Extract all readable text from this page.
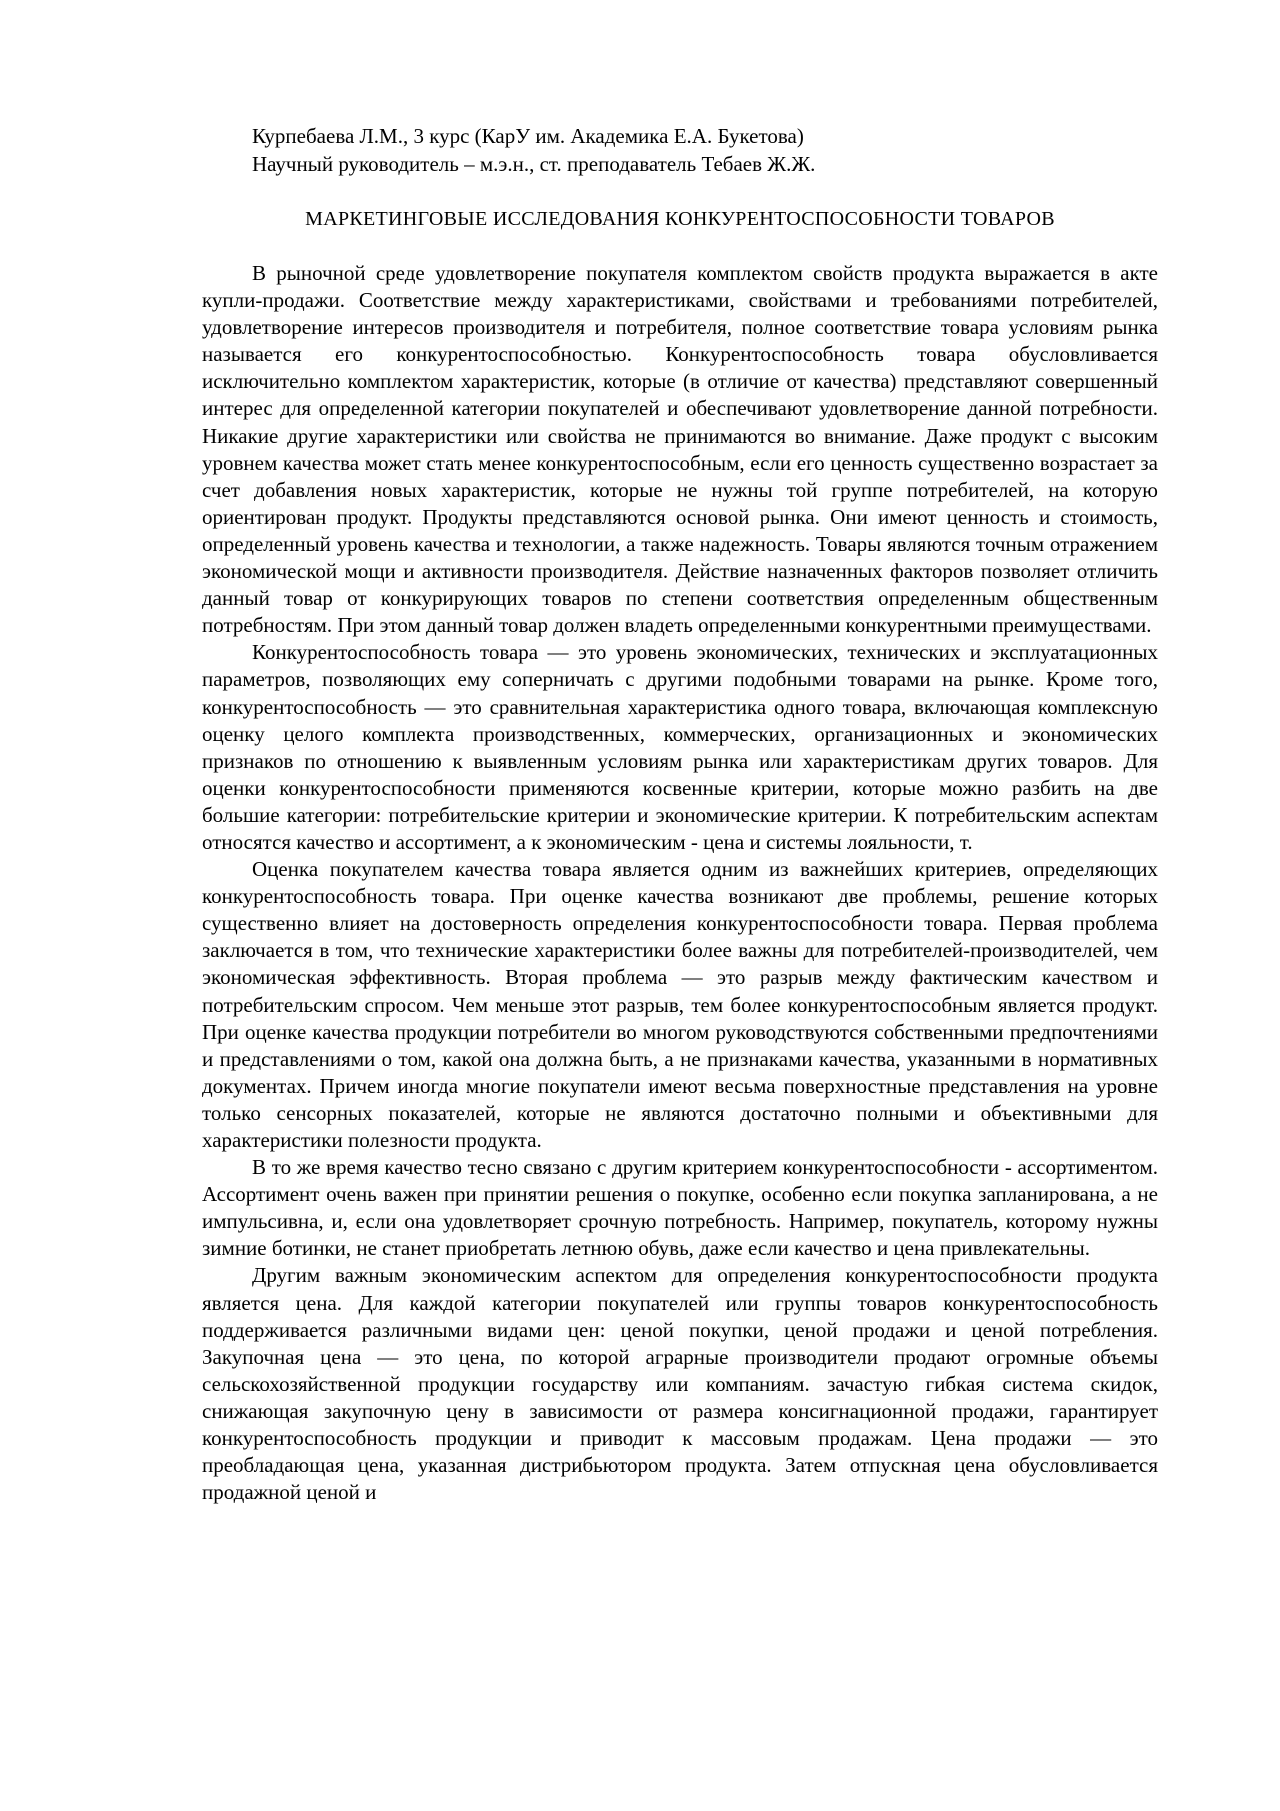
Курпебаева Л.М., 3 курс (КарУ им. Академика Е.А. Букетова)
Научный руководитель – м.э.н., ст. преподаватель Тебаев Ж.Ж.
МАРКЕТИНГОВЫЕ ИССЛЕДОВАНИЯ КОНКУРЕНТОСПОСОБНОСТИ ТОВАРОВ

В рыночной среде удовлетворение покупателя комплектом свойств продукта выражается в акте купли-продажи. Соответствие между характеристиками, свойствами и требованиями потребителей, удовлетворение интересов производителя и потребителя, полное соответствие товара условиям рынка называется его конкурентоспособностью. Конкурентоспособность товара обусловливается исключительно комплектом характеристик, которые (в отличие от качества) представляют совершенный интерес для определенной категории покупателей и обеспечивают удовлетворение данной потребности. Никакие другие характеристики или свойства не принимаются во внимание. Даже продукт с высоким уровнем качества может стать менее конкурентоспособным, если его ценность существенно возрастает за счет добавления новых характеристик, которые не нужны той группе потребителей, на которую ориентирован продукт. Продукты представляются основой рынка. Они имеют ценность и стоимость, определенный уровень качества и технологии, а также надежность. Товары являются точным отражением экономической мощи и активности производителя. Действие назначенных факторов позволяет отличить данный товар от конкурирующих товаров по степени соответствия определенным общественным потребностям. При этом данный товар должен владеть определенными конкурентными преимуществами.

Конкурентоспособность товара — это уровень экономических, технических и эксплуатационных параметров, позволяющих ему соперничать с другими подобными товарами на рынке. Кроме того, конкурентоспособность — это сравнительная характеристика одного товара, включающая комплексную оценку целого комплекта производственных, коммерческих, организационных и экономических признаков по отношению к выявленным условиям рынка или характеристикам других товаров. Для оценки конкурентоспособности применяются косвенные критерии, которые можно разбить на две большие категории: потребительские критерии и экономические критерии. К потребительским аспектам относятся качество и ассортимент, а к экономическим - цена и системы лояльности, т.

Оценка покупателем качества товара является одним из важнейших критериев, определяющих конкурентоспособность товара. При оценке качества возникают две проблемы, решение которых существенно влияет на достоверность определения конкурентоспособности товара. Первая проблема заключается в том, что технические характеристики более важны для потребителей-производителей, чем экономическая эффективность. Вторая проблема — это разрыв между фактическим качеством и потребительским спросом. Чем меньше этот разрыв, тем более конкурентоспособным является продукт. При оценке качества продукции потребители во многом руководствуются собственными предпочтениями и представлениями о том, какой она должна быть, а не признаками качества, указанными в нормативных документах. Причем иногда многие покупатели имеют весьма поверхностные представления на уровне только сенсорных показателей, которые не являются достаточно полными и объективными для характеристики полезности продукта.

В то же время качество тесно связано с другим критерием конкурентоспособности - ассортиментом. Ассортимент очень важен при принятии решения о покупке, особенно если покупка запланирована, а не импульсивна, и, если она удовлетворяет срочную потребность. Например, покупатель, которому нужны зимние ботинки, не станет приобретать летнюю обувь, даже если качество и цена привлекательны.

Другим важным экономическим аспектом для определения конкурентоспособности продукта является цена. Для каждой категории покупателей или группы товаров конкурентоспособность поддерживается различными видами цен: ценой покупки, ценой продажи и ценой потребления. Закупочная цена — это цена, по которой аграрные производители продают огромные объемы сельскохозяйственной продукции государству или компаниям. зачастую гибкая система скидок, снижающая закупочную цену в зависимости от размера консигнационной продажи, гарантирует конкурентоспособность продукции и приводит к массовым продажам. Цена продажи — это преобладающая цена, указанная дистрибьютором продукта. Затем отпускная цена обусловливается продажной ценой и
